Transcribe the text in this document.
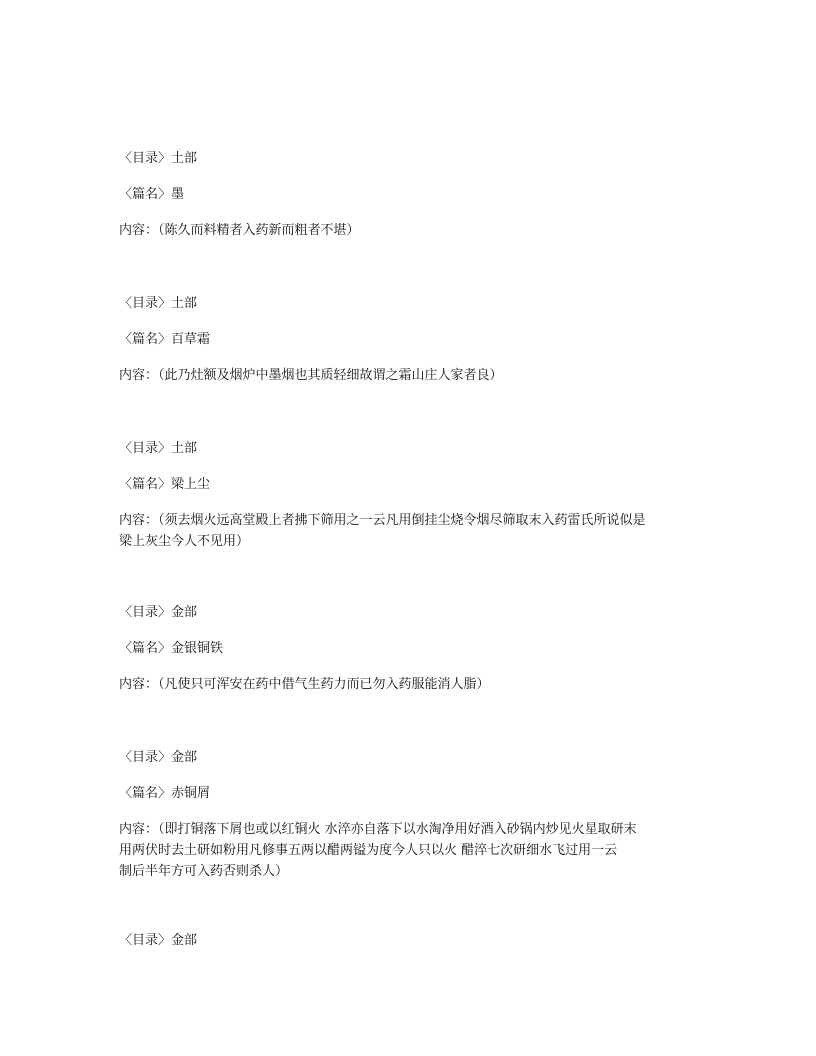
〈目录〉土部

〈篇名〉墨

内容：（陈久而料精者入药新而粗者不堪）

〈目录〉土部

〈篇名〉百草霜

内容：（此乃灶额及烟炉中墨烟也其质轻细故谓之霜山庄人家者良）

〈目录〉土部

〈篇名〉梁上尘

内容：（须去烟火远高堂殿上者拂下筛用之一云凡用倒挂尘烧令烟尽筛取末入药雷氏所说似是
梁上灰尘今人不见用）

〈目录〉金部

〈篇名〉金银铜铁

内容：（凡使只可浑安在药中借气生药力而已勿入药服能消人脂）

〈目录〉金部

〈篇名〉赤铜屑

内容：（即打铜落下屑也或以红铜火 水淬亦自落下以水淘净用好酒入砂锅内炒见火星取研末
用两伏时去土研如粉用凡修事五两以醋两镒为度今人只以火 醋淬七次研细水飞过用一云
制后半年方可入药否则杀人）

〈目录〉金部
